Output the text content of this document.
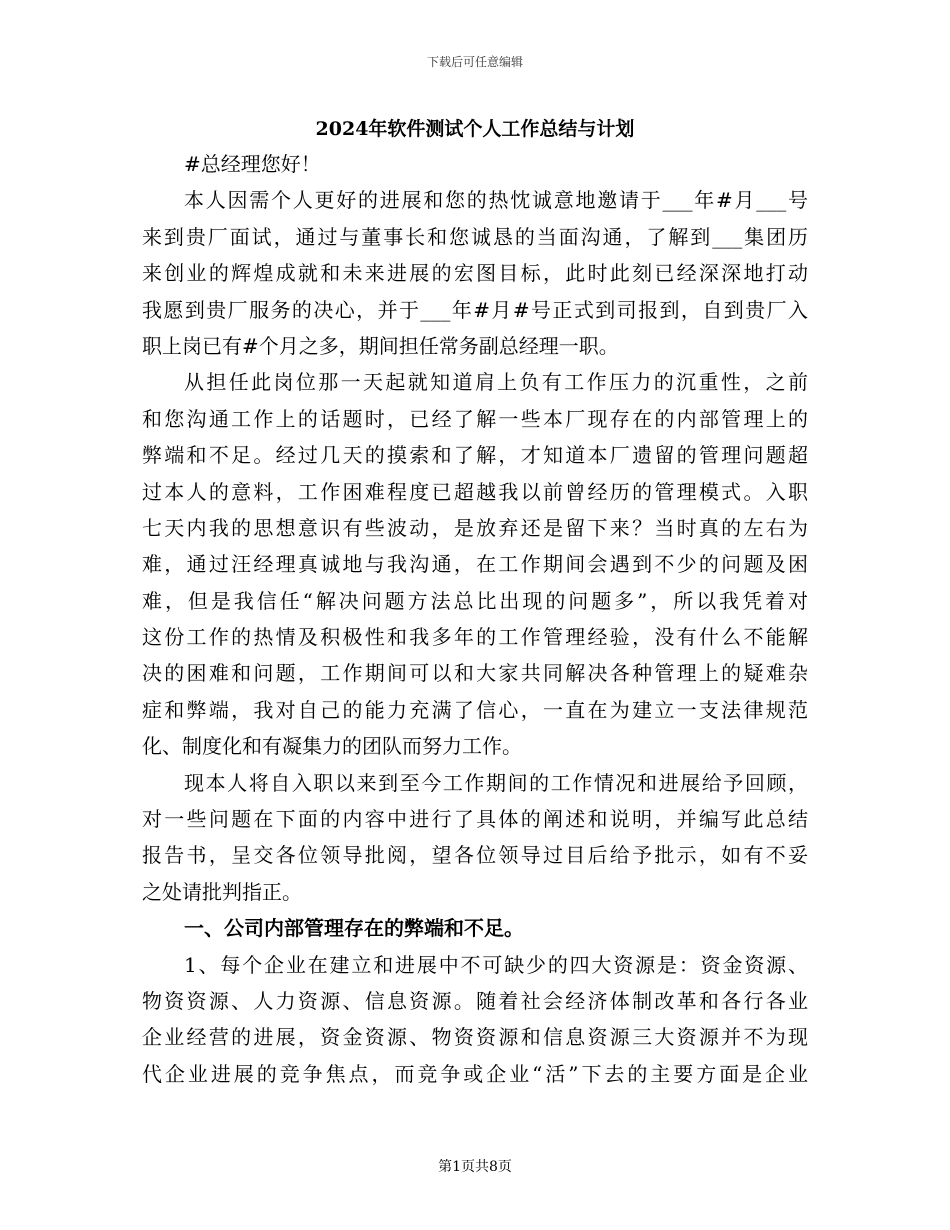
下载后可任意编辑
2024年软件测试个人工作总结与计划
#总经理您好！
本人因需个人更好的进展和您的热忱诚意地邀请于___年#月___号
来到贵厂面试，通过与董事长和您诚恳的当面沟通，了解到___集团历
来创业的辉煌成就和未来进展的宏图目标，此时此刻已经深深地打动
我愿到贵厂服务的决心，并于___年#月#号正式到司报到，自到贵厂入
职上岗已有#个月之多，期间担任常务副总经理一职。
从担任此岗位那一天起就知道肩上负有工作压力的沉重性，之前
和您沟通工作上的话题时，已经了解一些本厂现存在的内部管理上的
弊端和不足。经过几天的摸索和了解，才知道本厂遗留的管理问题超
过本人的意料，工作困难程度已超越我以前曾经历的管理模式。入职
七天内我的思想意识有些波动，是放弃还是留下来？当时真的左右为
难，通过汪经理真诚地与我沟通，在工作期间会遇到不少的问题及困
难，但是我信任“解决问题方法总比出现的问题多”，所以我凭着对
这份工作的热情及积极性和我多年的工作管理经验，没有什么不能解
决的困难和问题，工作期间可以和大家共同解决各种管理上的疑难杂
症和弊端，我对自己的能力充满了信心，一直在为建立一支法律规范
化、制度化和有凝集力的团队而努力工作。
现本人将自入职以来到至今工作期间的工作情况和进展给予回顾，
对一些问题在下面的内容中进行了具体的阐述和说明，并编写此总结
报告书，呈交各位领导批阅，望各位领导过目后给予批示，如有不妥
之处请批判指正。
一、公司内部管理存在的弊端和不足。
1、每个企业在建立和进展中不可缺少的四大资源是：资金资源、
物资资源、人力资源、信息资源。随着社会经济体制改革和各行各业
企业经营的进展，资金资源、物资资源和信息资源三大资源并不为现
代企业进展的竞争焦点，而竞争或企业“活”下去的主要方面是企业
第1页共8页
